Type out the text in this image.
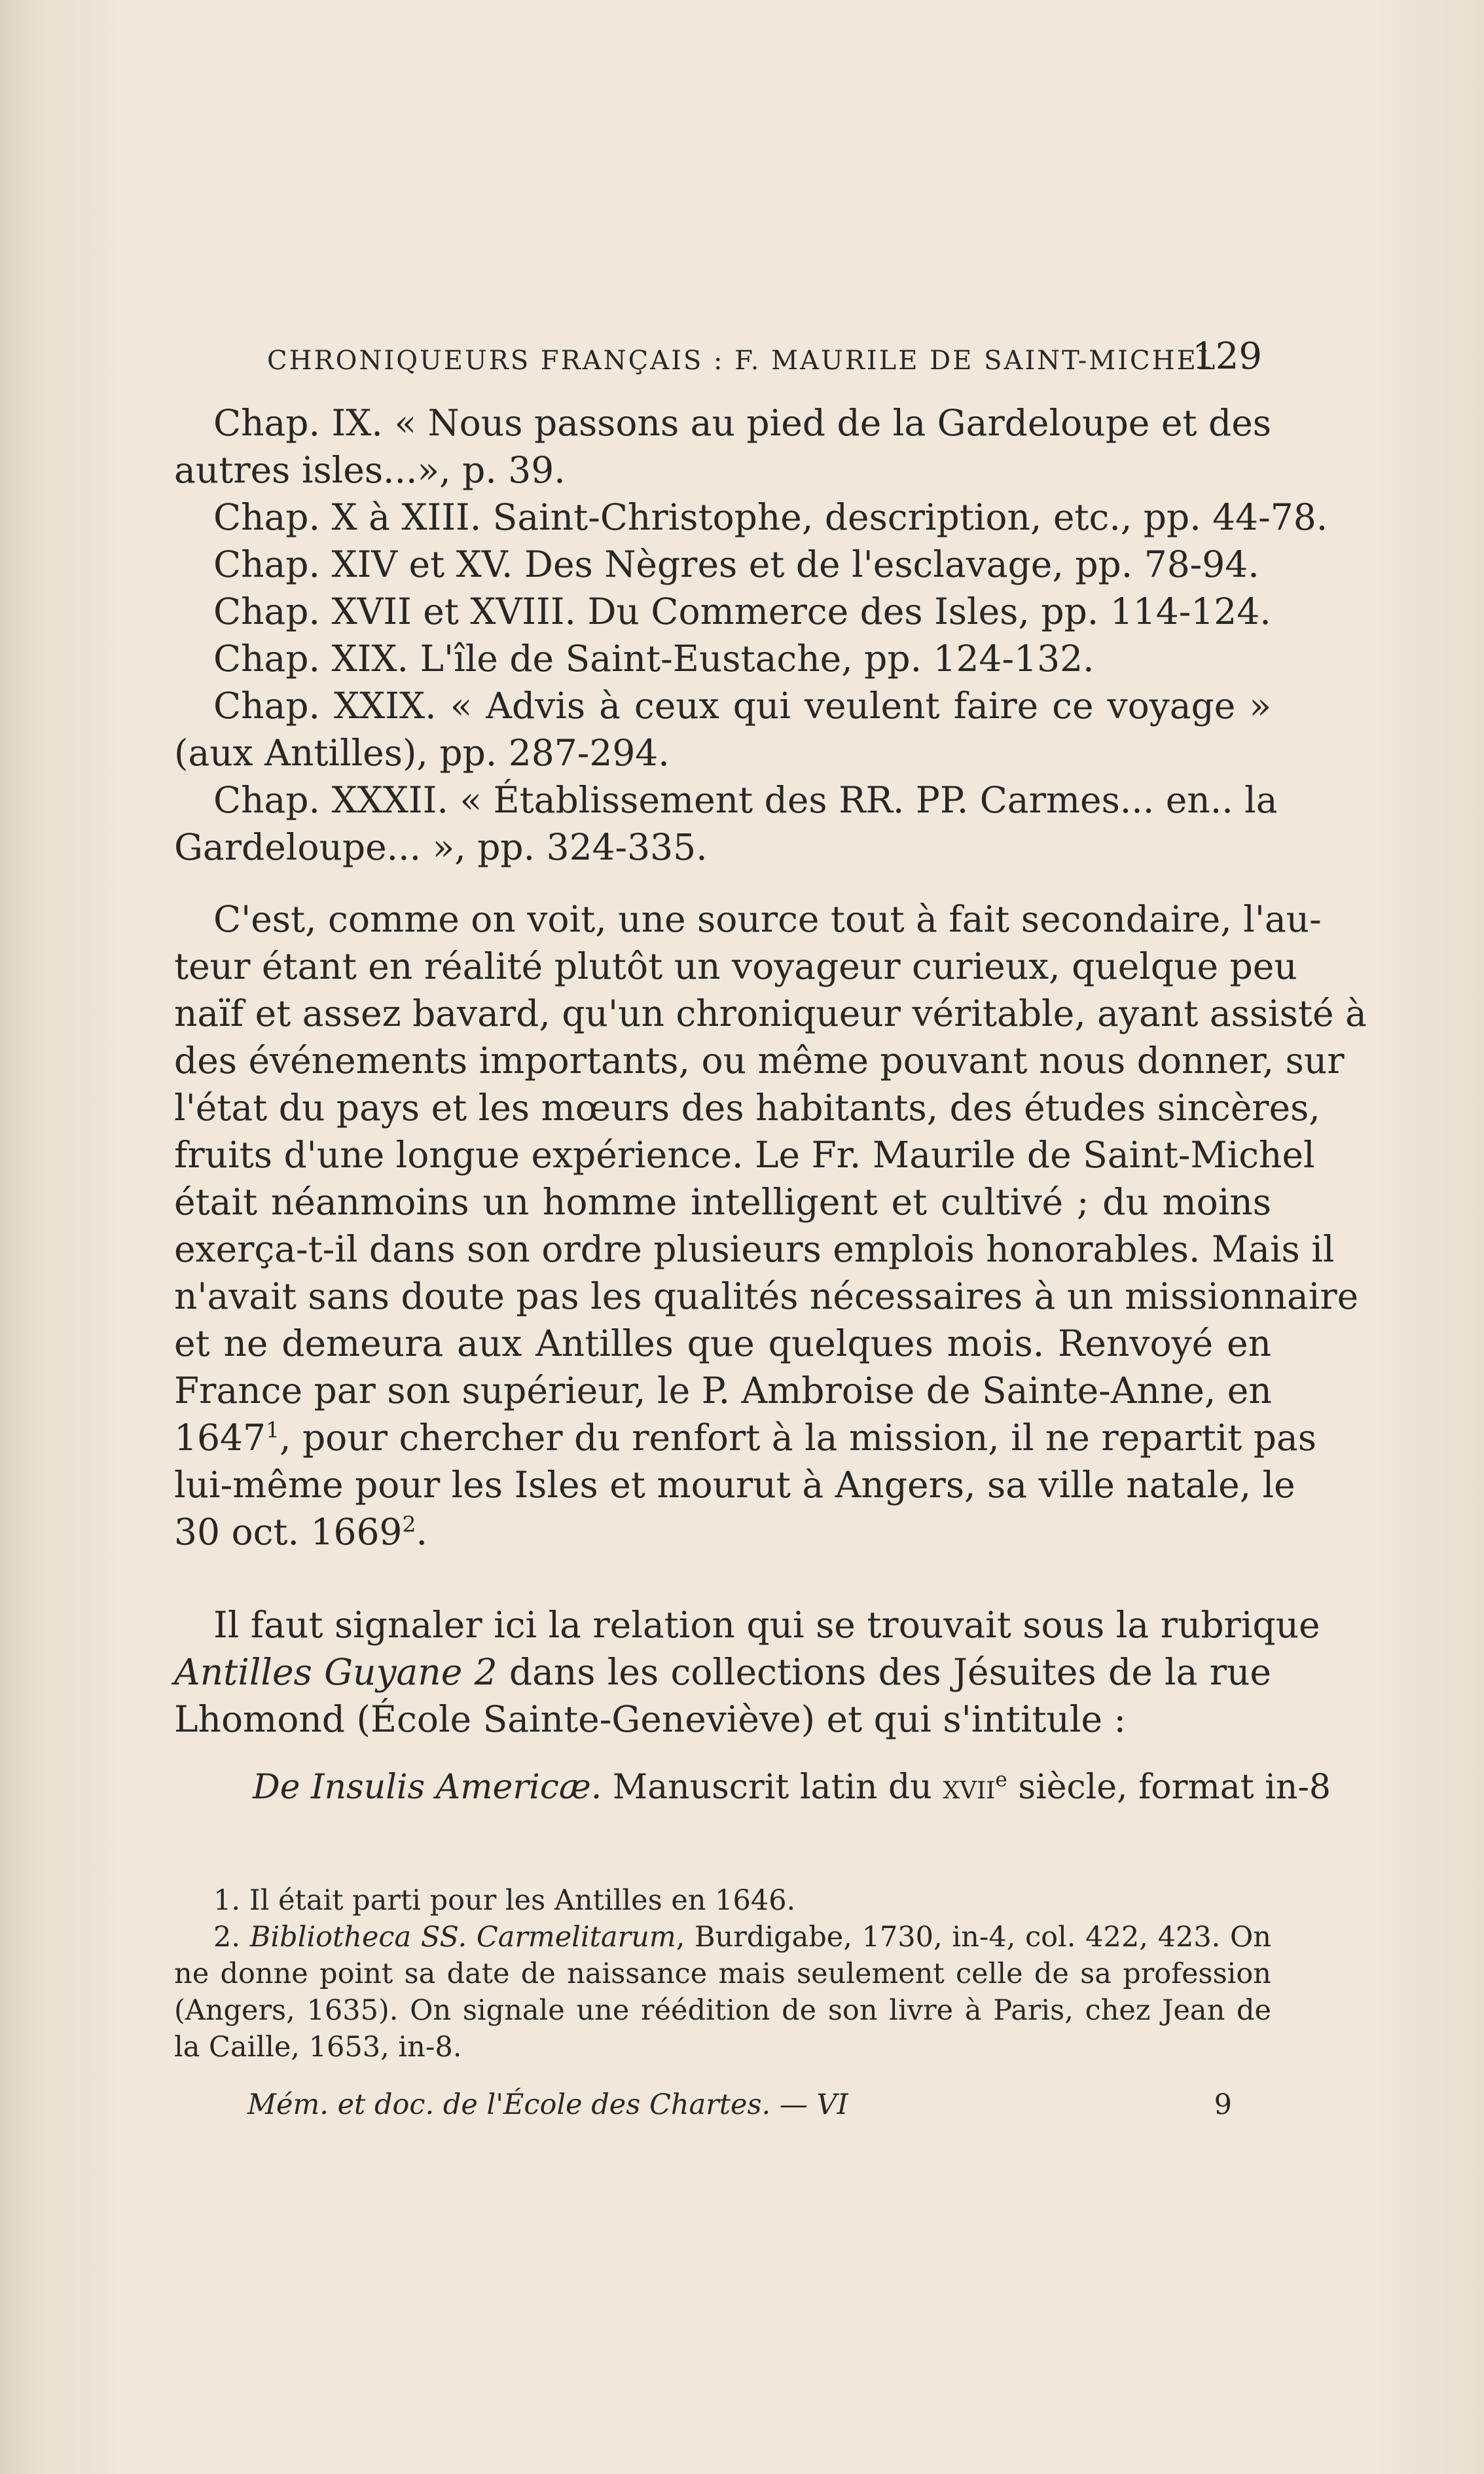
CHRONIQUEURS FRANÇAIS : F. MAURILE DE SAINT-MICHEL
129
Chap. IX. « Nous passons au pied de la Gardeloupe et des
autres isles...», p. 39.
Chap. X à XIII. Saint-Christophe, description, etc., pp. 44-78.
Chap. XIV et XV. Des Nègres et de l'esclavage, pp. 78-94.
Chap. XVII et XVIII. Du Commerce des Isles, pp. 114-124.
Chap. XIX. L'île de Saint-Eustache, pp. 124-132.
Chap. XXIX. « Advis à ceux qui veulent faire ce voyage »
(aux Antilles), pp. 287-294.
Chap. XXXII. « Établissement des RR. PP. Carmes... en.. la
Gardeloupe... », pp. 324-335.
C'est, comme on voit, une source tout à fait secondaire, l'au-
teur étant en réalité plutôt un voyageur curieux, quelque peu
naïf et assez bavard, qu'un chroniqueur véritable, ayant assisté à
des événements importants, ou même pouvant nous donner, sur
l'état du pays et les mœurs des habitants, des études sincères,
fruits d'une longue expérience. Le Fr. Maurile de Saint-Michel
était néanmoins un homme intelligent et cultivé ; du moins
exerça-t-il dans son ordre plusieurs emplois honorables. Mais il
n'avait sans doute pas les qualités nécessaires à un missionnaire
et ne demeura aux Antilles que quelques mois. Renvoyé en
France par son supérieur, le P. Ambroise de Sainte-Anne, en
1647$^1$, pour chercher du renfort à la mission, il ne repartit pas
lui-même pour les Isles et mourut à Angers, sa ville natale, le
30 oct. 1669$^2$.
Il faut signaler ici la relation qui se trouvait sous la rubrique
Antilles Guyane 2 dans les collections des Jésuites de la rue
Lhomond (École Sainte-Geneviève) et qui s'intitule :
De Insulis Americæ. Manuscrit latin du xvii$^e$ siècle, format in-8
1. Il était parti pour les Antilles en 1646.
2. Bibliotheca SS. Carmelitarum, Burdigabe, 1730, in-4, col. 422, 423. On
ne donne point sa date de naissance mais seulement celle de sa profession
(Angers, 1635). On signale une réédition de son livre à Paris, chez Jean de
la Caille, 1653, in-8.
Mém. et doc. de l'École des Chartes. — VI	9
